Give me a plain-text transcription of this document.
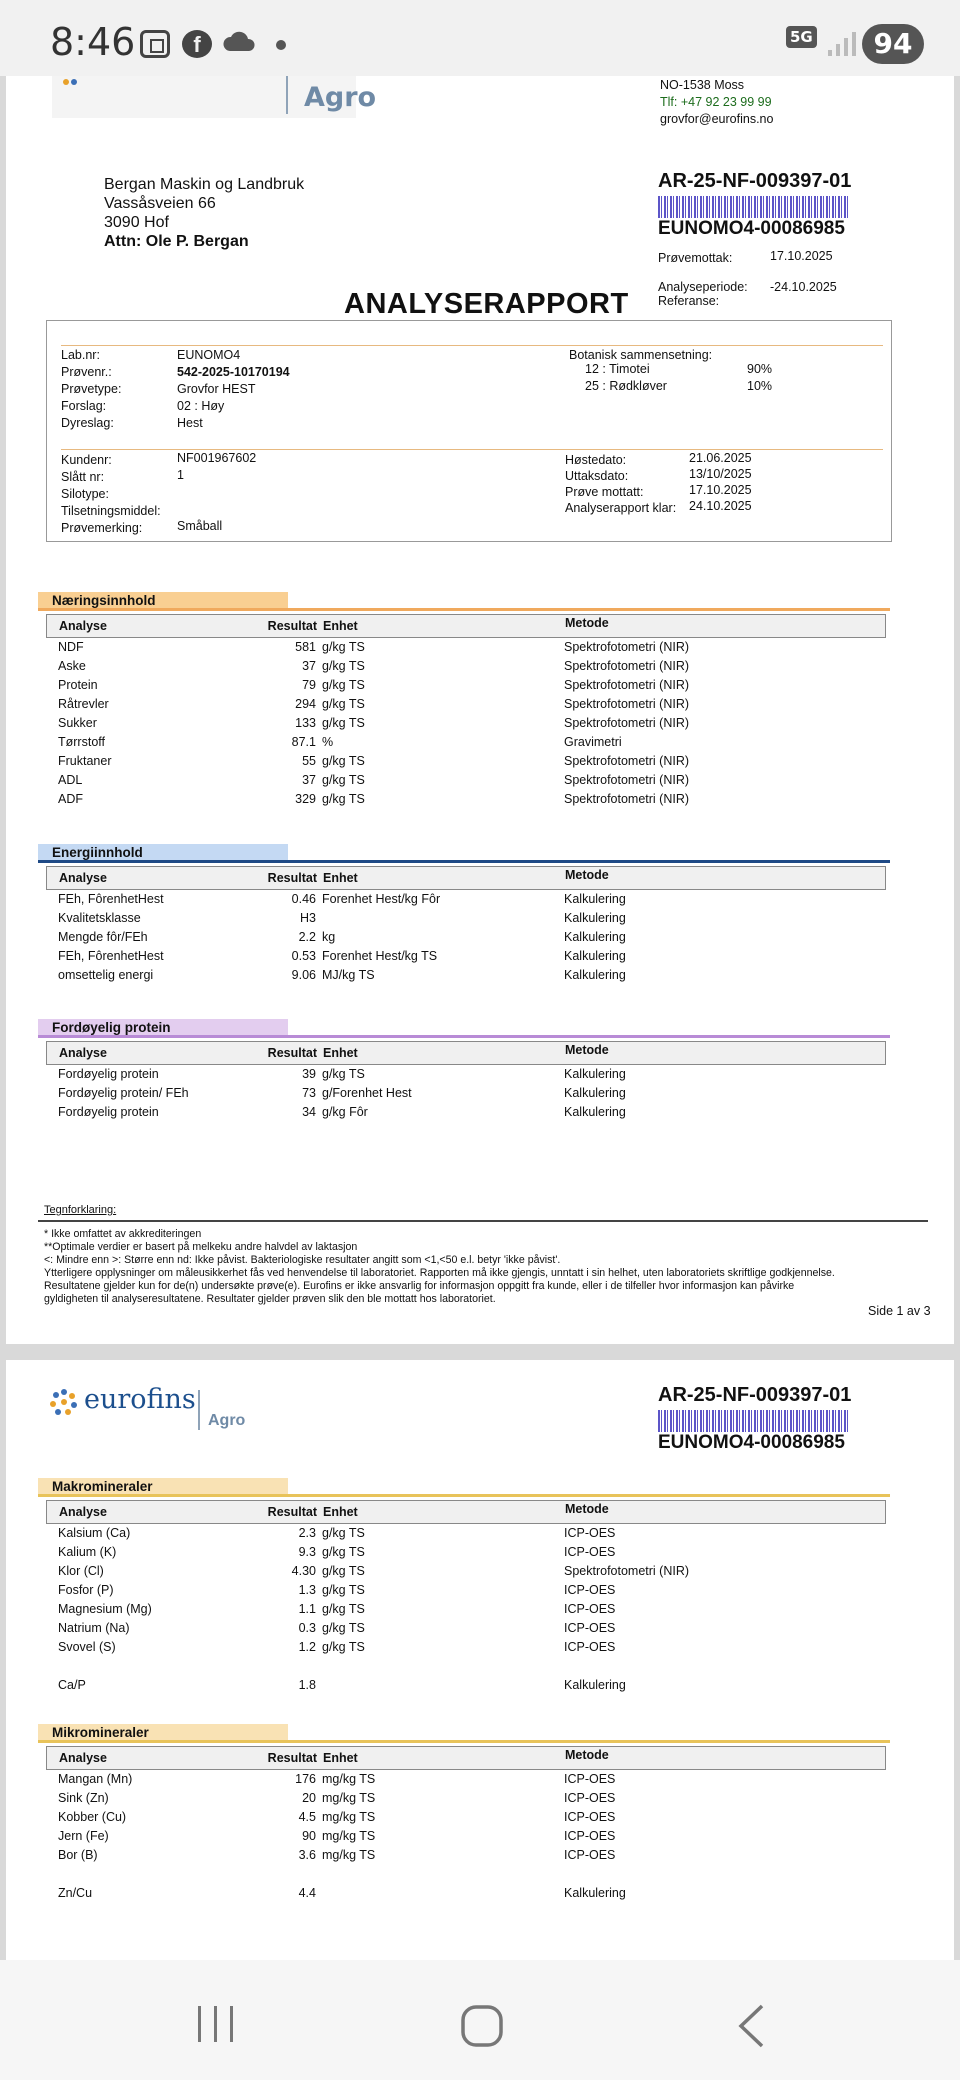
8:46	f	5G	94
Agro	NO-1538 Moss
Tlf: +47 92 23 99 99
grovfor@eurofins.no
Bergan Maskin og Landbruk
Vassåsveien 66
3090 Hof
Attn: Ole P. Bergan
AR-25-NF-009397-01
EUNOMO4-00086985
Prøvemottak:	17.10.2025
Analyseperiode: -24.10.2025
Referanse:
ANALYSERAPPORT
Lab.nr:	EUNOMO4
Prøvenr.:	542-2025-10170194
Prøvetype:	Grovfor HEST
Forslag:	02 : Høy
Dyreslag:	Hest
Botanisk sammensetning:
12 : Timotei	90%
25 : Rødkløver	10%
Kundenr:	NF001967602
Slått nr:	1
Silotype:
Tilsetningsmiddel:
Prøvemerking:	Småball
Høstedato:	21.06.2025
Uttaksdato:	13/10/2025
Prøve mottatt:	17.10.2025
Analyserapport klar: 24.10.2025
Næringsinnhold
Analyse	Resultat Enhet	Metode
NDF	581 g/kg TS	Spektrofotometri (NIR)
Aske	37 g/kg TS	Spektrofotometri (NIR)
Protein	79 g/kg TS	Spektrofotometri (NIR)
Råtrevler	294 g/kg TS	Spektrofotometri (NIR)
Sukker	133 g/kg TS	Spektrofotometri (NIR)
Tørrstoff	87.1 %	Gravimetri
Fruktaner	55 g/kg TS	Spektrofotometri (NIR)
ADL	37 g/kg TS	Spektrofotometri (NIR)
ADF	329 g/kg TS	Spektrofotometri (NIR)
Energiinnhold
Analyse	Resultat Enhet	Metode
FEh, FôrenhetHest	0.46 Forenhet Hest/kg Fôr	Kalkulering
Kvalitetsklasse	H3	Kalkulering
Mengde fôr/FEh	2.2 kg	Kalkulering
FEh, FôrenhetHest	0.53 Forenhet Hest/kg TS	Kalkulering
omsettelig energi	9.06 MJ/kg TS	Kalkulering
Fordøyelig protein
Analyse	Resultat Enhet	Metode
Fordøyelig protein	39 g/kg TS	Kalkulering
Fordøyelig protein/ FEh	73 g/Forenhet Hest	Kalkulering
Fordøyelig protein	34 g/kg Fôr	Kalkulering
Tegnforklaring:
* Ikke omfattet av akkrediteringen
**Optimale verdier er basert på melkeku andre halvdel av laktasjon
<: Mindre enn >: Større enn nd: Ikke påvist. Bakteriologiske resultater angitt som <1,<50 e.l. betyr 'ikke påvist'.
Ytterligere opplysninger om måleusikkerhet fås ved henvendelse til laboratoriet. Rapporten må ikke gjengis, unntatt i sin helhet, uten laboratoriets skriftlige godkjennelse.
Resultatene gjelder kun for de(n) undersøkte prøve(e). Eurofins er ikke ansvarlig for informasjon oppgitt fra kunde, eller i de tilfeller hvor informasjon kan påvirke
gyldigheten til analyseresultatene. Resultater gjelder prøven slik den ble mottatt hos laboratoriet.
Side 1 av 3
eurofins
Agro
AR-25-NF-009397-01
EUNOMO4-00086985
Makromineraler
Analyse	Resultat Enhet	Metode
Kalsium (Ca)	2.3 g/kg TS	ICP-OES
Kalium (K)	9.3 g/kg TS	ICP-OES
Klor (Cl)	4.30 g/kg TS	Spektrofotometri (NIR)
Fosfor (P)	1.3 g/kg TS	ICP-OES
Magnesium (Mg)	1.1 g/kg TS	ICP-OES
Natrium (Na)	0.3 g/kg TS	ICP-OES
Svovel (S)	1.2 g/kg TS	ICP-OES
Ca/P	1.8	Kalkulering
Mikromineraler
Analyse	Resultat Enhet	Metode
Mangan (Mn)	176 mg/kg TS	ICP-OES
Sink (Zn)	20 mg/kg TS	ICP-OES
Kobber (Cu)	4.5 mg/kg TS	ICP-OES
Jern (Fe)	90 mg/kg TS	ICP-OES
Bor (B)	3.6 mg/kg TS	ICP-OES
Zn/Cu	4.4	Kalkulering
